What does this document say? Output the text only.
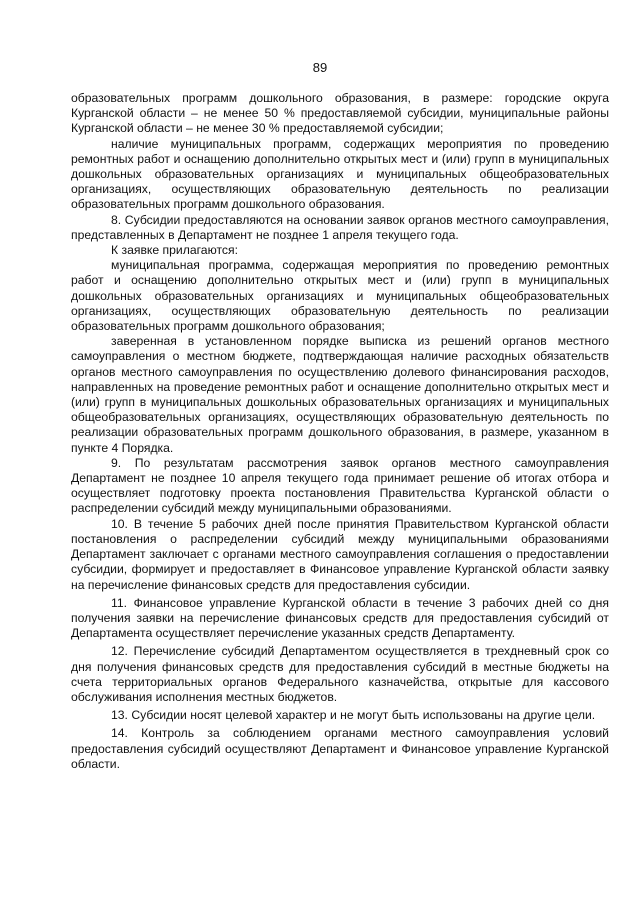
89

образовательных программ дошкольного образования, в размере: городские округа Курганской области – не менее 50 % предоставляемой субсидии, муниципальные районы Курганской области – не менее 30 % предоставляемой субсидии;

наличие муниципальных программ, содержащих мероприятия по проведению ремонтных работ и оснащению дополнительно открытых мест и (или) групп в муниципальных дошкольных образовательных организациях и муниципальных общеобразовательных организациях, осуществляющих образовательную деятельность по реализации образовательных программ дошкольного образования.

8. Субсидии предоставляются на основании заявок органов местного самоуправления, представленных в Департамент не позднее 1 апреля текущего года.

К заявке прилагаются:

муниципальная программа, содержащая мероприятия по проведению ремонтных работ и оснащению дополнительно открытых мест и (или) групп в муниципальных дошкольных образовательных организациях и муниципальных общеобразовательных организациях, осуществляющих образовательную деятельность по реализации образовательных программ дошкольного образования;

заверенная в установленном порядке выписка из решений органов местного самоуправления о местном бюджете, подтверждающая наличие расходных обязательств органов местного самоуправления по осуществлению долевого финансирования расходов, направленных на проведение ремонтных работ и оснащение дополнительно открытых мест и (или) групп в муниципальных дошкольных образовательных организациях и муниципальных общеобразовательных организациях, осуществляющих образовательную деятельность по реализации образовательных программ дошкольного образования, в размере, указанном в пункте 4 Порядка.

9. По результатам рассмотрения заявок органов местного самоуправления Департамент не позднее 10 апреля текущего года принимает решение об итогах отбора и осуществляет подготовку проекта постановления Правительства Курганской области о распределении субсидий между муниципальными образованиями.

10. В течение 5 рабочих дней после принятия Правительством Курганской области постановления о распределении субсидий между муниципальными образованиями Департамент заключает с органами местного самоуправления соглашения о предоставлении субсидии, формирует и предоставляет в Финансовое управление Курганской области заявку на перечисление финансовых средств для предоставления субсидии.

11. Финансовое управление Курганской области в течение 3 рабочих дней со дня получения заявки на перечисление финансовых средств для предоставления субсидий от Департамента осуществляет перечисление указанных средств Департаменту.

12. Перечисление субсидий Департаментом осуществляется в трехдневный срок со дня получения финансовых средств для предоставления субсидий в местные бюджеты на счета территориальных органов Федерального казначейства, открытые для кассового обслуживания исполнения местных бюджетов.

13. Субсидии носят целевой характер и не могут быть использованы на другие цели.

14. Контроль за соблюдением органами местного самоуправления условий предоставления субсидий осуществляют Департамент и Финансовое управление Курганской области.
